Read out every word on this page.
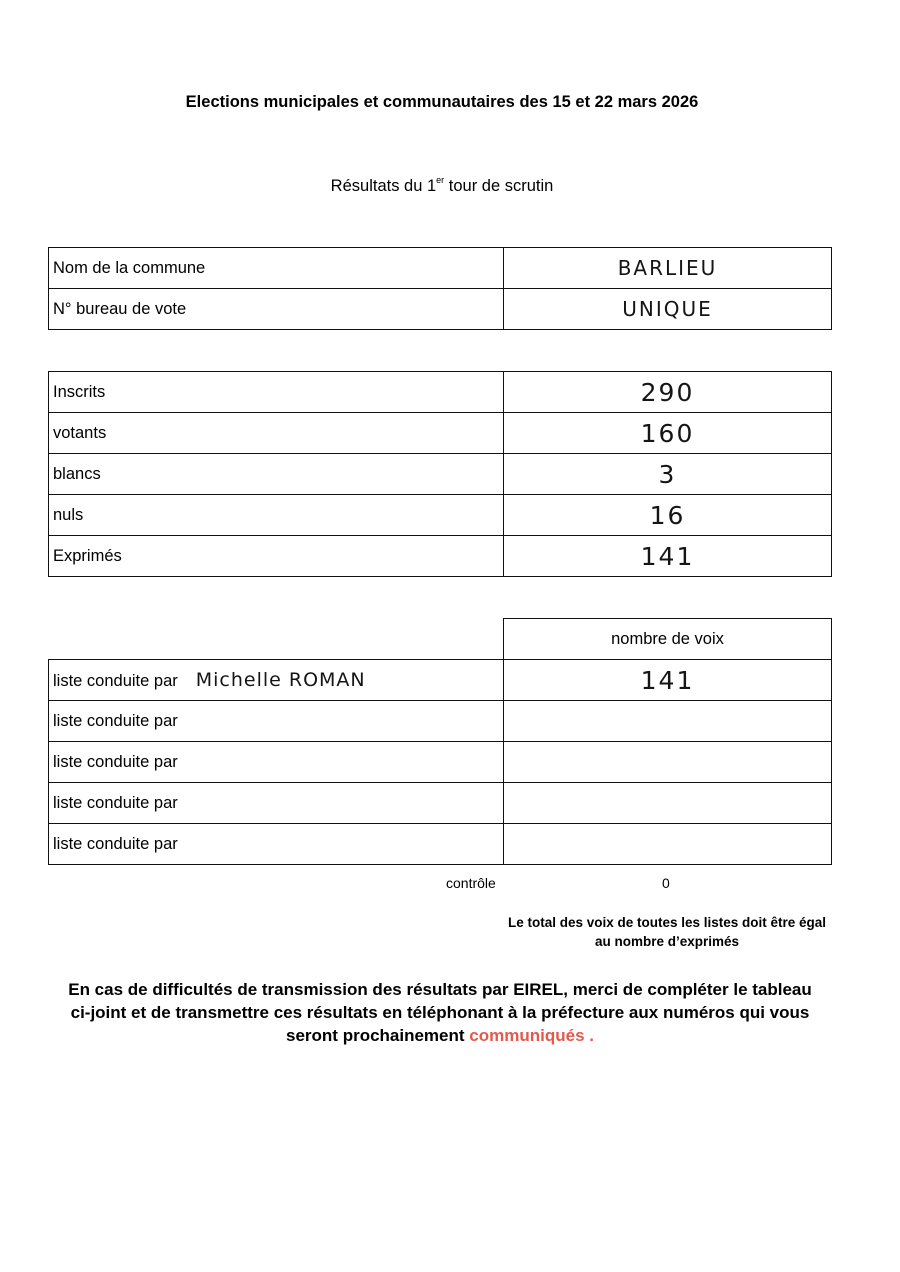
Elections municipales et communautaires des 15 et 22 mars 2026
Résultats du 1er tour de scrutin
Nom de la commune	BARLIEU

N° bureau de vote	UNIQUE
Inscrits	290

votants	160

blancs	3

nuls	16

Exprimés	141
	nombre de voix
liste conduite par Michelle ROMAN	141

liste conduite par	
liste conduite par	
liste conduite par	
liste conduite par	
contrôle	0
Le total des voix de toutes les listes doit être égal au nombre d’exprimés
En cas de difficultés de transmission des résultats par EIREL, merci de compléter le tableau ci-joint et de transmettre ces résultats en téléphonant à la préfecture aux numéros qui vous seront prochainement communiqués .
